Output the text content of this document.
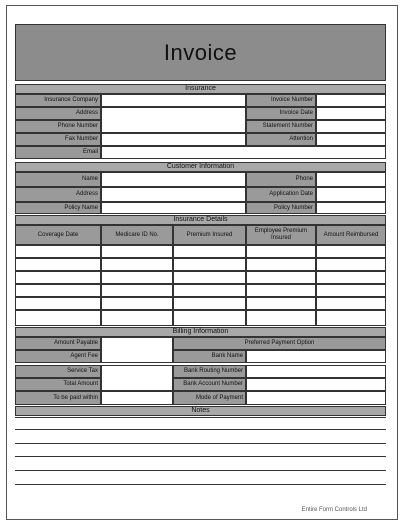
Invoice
Insurance
Insurance Company
Address
Phone Number
Fax Number
Email
Invoice Number
Invoice Date
Statement Number
Attention
Customer Information
Name
Address
Policy Name
Phone
Application Date
Policy Number
Insurance Details
Coverage Date	Medicare ID No.	Premium Insured
Employee Premium Insured
Amount Reimbursed
Billing Information
Amount Payable
Agent Fee
Service Tax
Total Amount
To be paid within
Preferred Payment Option
Bank Name
Bank Routing Number
Bank Account Number
Mode of Payment
Notes
Entire Form Controls Ltd
